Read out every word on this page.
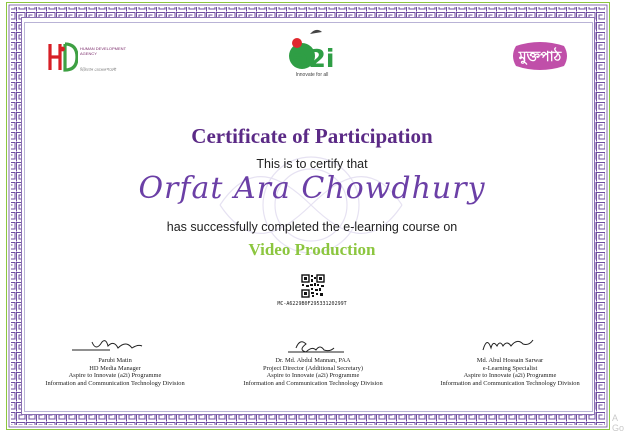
HUMAN DEVELOPMENT AGENCY
হিউম্যান ডেভেলপমেন্ট	a2i
Innovate for all
মুক্তপাঠ
Certificate of Participation
This is to certify that
Orfat Ara Chowdhury
has successfully completed the e-learning course on
Video Production
MC-A6229B0F29533120299T
Parubi Matin
HD Media Manager
Aspire to Innovate (a2i) Programme
Information and Communication Technology Division
Dr. Md. Abdul Mannan, PAA
Project Director (Additional Secretary)
Aspire to Innovate (a2i) Programme
Information and Communication Technology Division
Md. Abul Hossain Sarwar
e-Learning Specialist
Aspire to Innovate (a2i) Programme
Information and Communication Technology Division
A
Go
